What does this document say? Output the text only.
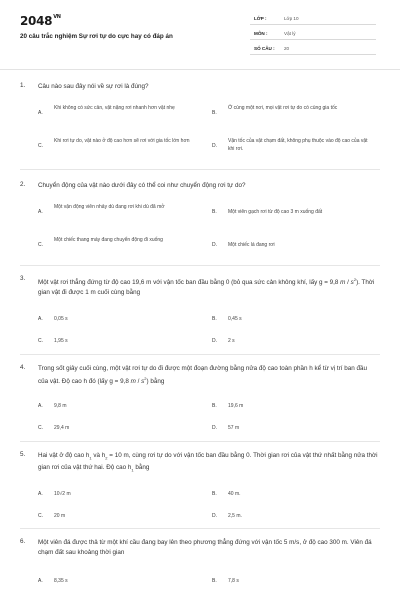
$2048^{VN}$
20 câu trắc nghiệm Sự rơi tự do cực hay có đáp án
LỚP :	Lớp 10
MÔN :	Vật lý
SỐ CÂU : 20
1. Câu nào sau đây nói về sự rơi là đúng?
A.
Khi không có sức cản, vật nặng rơi nhanh hơn vật nhẹ
B.
Ở cùng một nơi, mọi vật rơi tự do có cùng gia tốc
C.
Khi rơi tự do, vật nào ở độ cao hơn sẽ rơi với gia tốc lớn hơn
D.
Vận tốc của vật chạm đất, không phụ thuộc vào độ cao của vật khi rơi.
2. Chuyển động của vật nào dưới đây có thể coi như chuyển động rơi tự do?
A.
Một vận động viên nhảy dù đang rơi khi dù đã mở
B. Một viên gạch rơi từ độ cao 3 m xuống đất
C.
Một chiếc thang máy đang chuyển động đi xuống
D. Một chiếc lá đang rơi
3.
Một vật rơi thẳng đứng từ độ cao 19,6 m với vận tốc ban đầu bằng 0 (bỏ qua sức cản không khí, lấy g = 9,8 m / $s^2$). Thời gian vật đi được 1 m cuối cùng bằng
A. 0,05 s	B. 0,45 s
C. 1,95 s	D. 2 s
4. Trong sốt giây cuối cùng, một vật rơi tự do đi được một đoạn đường bằng nửa độ cao toàn phần h kể từ vị trí ban đầu của vật. Độ cao h đó (lấy g = 9,8 m / $s^2$) bằng
A. 9,8 m	B. 19,6 m
C. 29,4 m	D. 57 m
5. Hai vật ở độ cao $h_1$ và $h_2 = 10$ m, cùng rơi tự do với vận tốc ban đầu bằng 0. Thời gian rơi của vật thứ nhất bằng nửa thời gian rơi của vật thứ hai. Độ cao $h_1$ bằng
A. 10√2 m	B. 40 m.
C. 20 m	D. 2,5 m.
6. Một viên đá được thả từ một khí cầu đang bay lên theo phương thẳng đứng với vận tốc 5 m/s, ở độ cao 300 m. Viên đá chạm đất sau khoảng thời gian
A. 8,35 s	B. 7,8 s
